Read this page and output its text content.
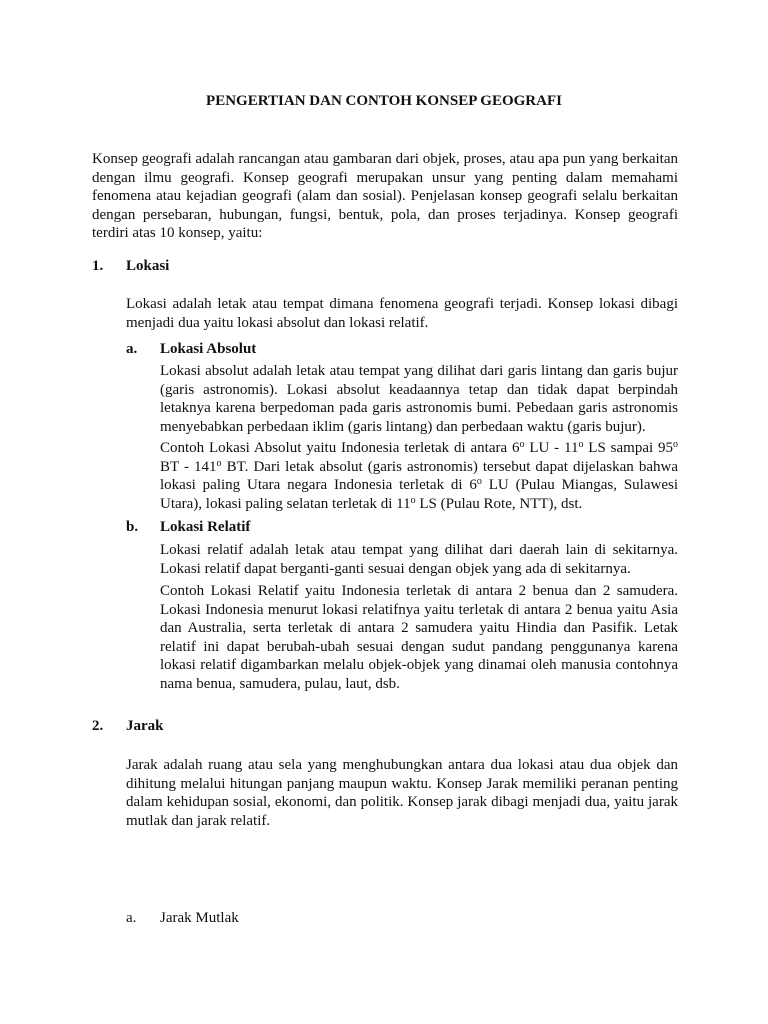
PENGERTIAN DAN CONTOH KONSEP GEOGRAFI

Konsep geografi adalah rancangan atau gambaran dari objek, proses, atau apa pun yang berkaitan dengan ilmu geografi. Konsep geografi merupakan unsur yang penting dalam memahami fenomena atau kejadian geografi (alam dan sosial). Penjelasan konsep geografi selalu berkaitan dengan persebaran, hubungan, fungsi, bentuk, pola, dan proses terjadinya. Konsep geografi terdiri atas 10 konsep, yaitu:

1. Lokasi

Lokasi adalah letak atau tempat dimana fenomena geografi terjadi. Konsep lokasi dibagi menjadi dua yaitu lokasi absolut dan lokasi relatif.

a. Lokasi Absolut

Lokasi absolut adalah letak atau tempat yang dilihat dari garis lintang dan garis bujur (garis astronomis). Lokasi absolut keadaannya tetap dan tidak dapat berpindah letaknya karena berpedoman pada garis astronomis bumi. Pebedaan garis astronomis menyebabkan perbedaan iklim (garis lintang) dan perbedaan waktu (garis bujur).

Contoh Lokasi Absolut yaitu Indonesia terletak di antara 6$^o$ LU - 11$^o$ LS sampai 95$^o$ BT - 141$^o$ BT. Dari letak absolut (garis astronomis) tersebut dapat dijelaskan bahwa lokasi paling Utara negara Indonesia terletak di 6$^o$ LU (Pulau Miangas, Sulawesi Utara), lokasi paling selatan terletak di 11$^o$ LS (Pulau Rote, NTT), dst.

b. Lokasi Relatif

Lokasi relatif adalah letak atau tempat yang dilihat dari daerah lain di sekitarnya. Lokasi relatif dapat berganti-ganti sesuai dengan objek yang ada di sekitarnya.

Contoh Lokasi Relatif yaitu Indonesia terletak di antara 2 benua dan 2 samudera. Lokasi Indonesia menurut lokasi relatifnya yaitu terletak di antara 2 benua yaitu Asia dan Australia, serta terletak di antara 2 samudera yaitu Hindia dan Pasifik. Letak relatif ini dapat berubah-ubah sesuai dengan sudut pandang penggunanya karena lokasi relatif digambarkan melalu objek-objek yang dinamai oleh manusia contohnya nama benua, samudera, pulau, laut, dsb.

2. Jarak

Jarak adalah ruang atau sela yang menghubungkan antara dua lokasi atau dua objek dan dihitung melalui hitungan panjang maupun waktu. Konsep Jarak memiliki peranan penting dalam kehidupan sosial, ekonomi, dan politik. Konsep jarak dibagi menjadi dua, yaitu jarak mutlak dan jarak relatif.

a. Jarak Mutlak
